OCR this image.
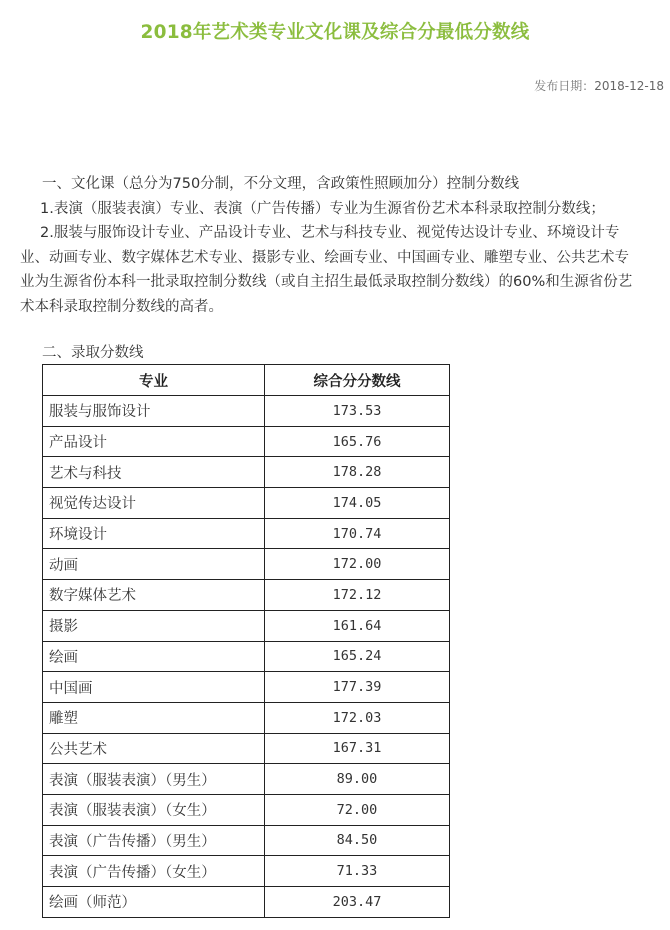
2018年艺术类专业文化课及综合分最低分数线
发布日期：2018-12-18

一、文化课（总分为750分制，不分文理，含政策性照顾加分）控制分数线

1.表演（服装表演）专业、表演（广告传播）专业为生源省份艺术本科录取控制分数线；

2.服装与服饰设计专业、产品设计专业、艺术与科技专业、视觉传达设计专业、环境设计专业、动画专业、数字媒体艺术专业、摄影专业、绘画专业、中国画专业、雕塑专业、公共艺术专业为生源省份本科一批录取控制分数线（或自主招生最低录取控制分数线）的60%和生源省份艺术本科录取控制分数线的高者。

二、录取分数线

专业	综合分分数线
服装与服饰设计	173.53
产品设计	165.76
艺术与科技	178.28
视觉传达设计	174.05
环境设计	170.74
动画	172.00
数字媒体艺术	172.12
摄影	161.64
绘画	165.24
中国画	177.39
雕塑	172.03
公共艺术	167.31
表演（服装表演）（男生）	89.00
表演（服装表演）（女生）	72.00
表演（广告传播）（男生）	84.50
表演（广告传播）（女生）	71.33
绘画（师范）	203.47
